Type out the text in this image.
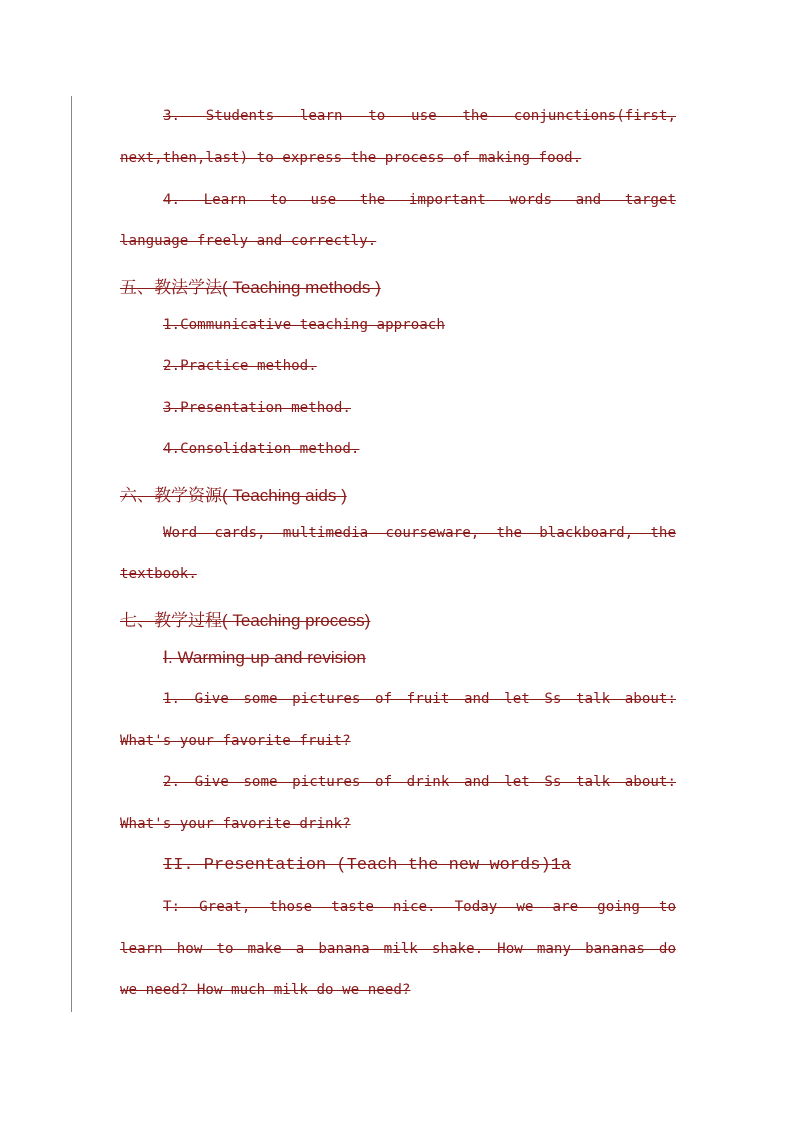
3. Students learn to use the conjunctions(first,
next,then,last) to express the process of making food.
4. Learn to use the important words and target
language freely and correctly.
五、教法学法( Teaching methods )
1.Communicative teaching approach
2.Practice method.
3.Presentation method.
4.Consolidation method.
六、教学资源( Teaching aids )
Word cards, multimedia courseware, the blackboard, the
textbook.
七、教学过程( Teaching process)
Ⅰ. Warming-up and revision
1. Give some pictures of fruit and let Ss talk about:
What's your favorite fruit?
2. Give some pictures of drink and let Ss talk about:
What's your favorite drink?
II. Presentation (Teach the new words)1a
T: Great, those taste nice. Today we are going to
learn how to make a banana milk shake. How many bananas do
we need? How much milk do we need?
